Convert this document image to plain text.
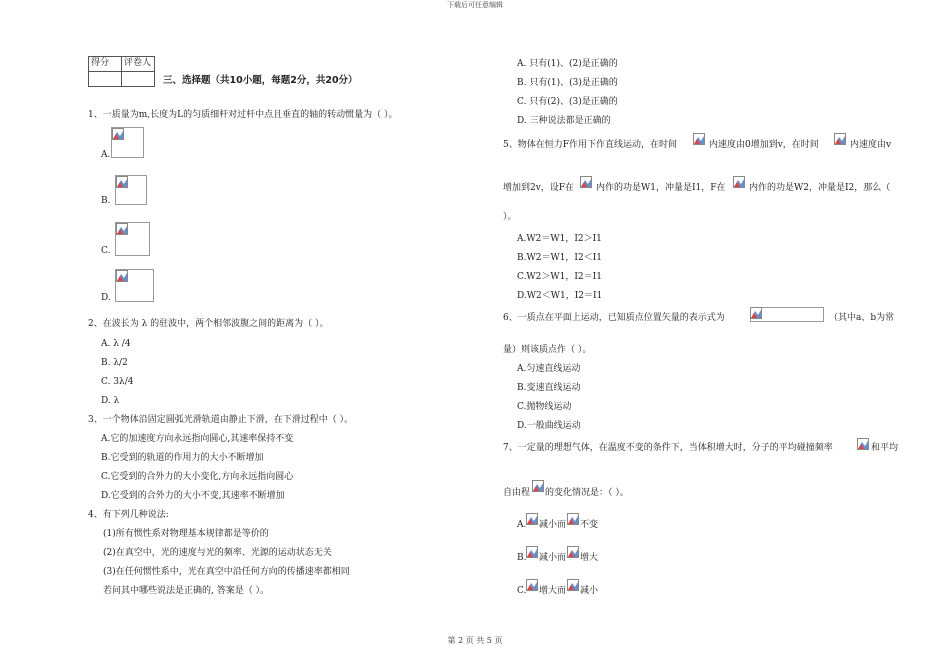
下载后可任意编辑
第 2 页 共 5 页
得分	评卷人

三、选择题（共10小题，每题2分，共20分）
1、一质量为m,长度为L的匀质细杆对过杆中点且垂直的轴的转动惯量为（ ）。
A.
B.
C.
D.
2、在波长为 λ 的驻波中，两个相邻波腹之间的距离为（ ）。
A. λ /4
B. λ/2
C. 3λ/4
D. λ
3、一个物体沿固定圆弧光滑轨道由静止下滑，在下滑过程中（ ）。
A.它的加速度方向永远指向圆心,其速率保持不变
B.它受到的轨道的作用力的大小不断增加
C.它受到的合外力的大小变化,方向永远指向圆心
D.它受到的合外力的大小不变,其速率不断增加
4、有下列几种说法:
(1)所有惯性系对物理基本规律都是等价的
(2)在真空中，光的速度与光的频率、光源的运动状态无关
(3)在任何惯性系中，光在真空中沿任何方向的传播速率都相同
若问其中哪些说法是正确的, 答案是（ ）。
A. 只有(1)、(2)是正确的
B. 只有(1)、(3)是正确的
C. 只有(2)、(3)是正确的
D. 三种说法都是正确的
5、物体在恒力F作用下作直线运动，在时间	内速度由0增加到v，在时间	内速度由v
增加到2v，设F在 内作的功是W1，冲量是I1，F在	内作的功是W2，冲量是I2，那么（
）。
A.W2＝W1，I2＞I1
B.W2＝W1，I2＜I1
C.W2＞W1，I2＝I1
D.W2＜W1，I2＝I1
6、一质点在平面上运动，已知质点位置矢量的表示式为	（其中a、b为常
量）则该质点作（ ）。
A.匀速直线运动
B.变速直线运动
C.抛物线运动
D.一般曲线运动
7、一定量的理想气体，在温度不变的条件下，当体积增大时，分子的平均碰撞频率	和平均
自由程 的变化情况是：（ ）。
A. 减小而 不变
B. 减小而 增大
C. 增大而 减小
